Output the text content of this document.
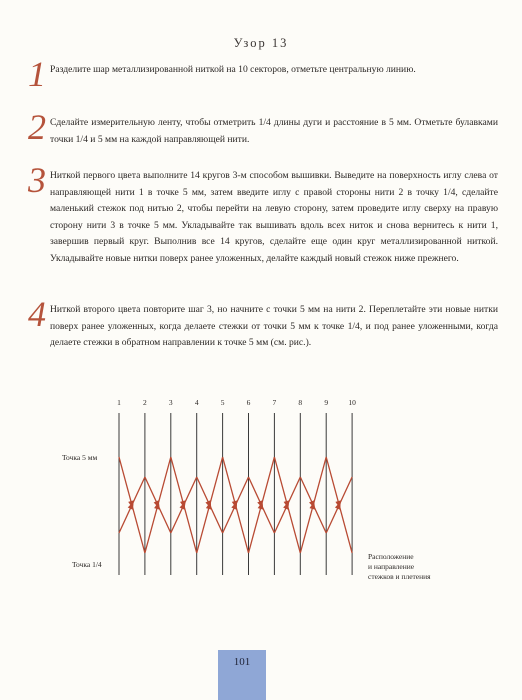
Узор 13
1 Разделите шар металлизированной ниткой на 10 секторов, отметьте центральную линию.

2 Сделайте измерительную ленту, чтобы отметрить 1/4 длины дуги и расстояние в 5 мм. Отметьте булавками точки 1/4 и 5 мм на каждой направляющей нити.

3 Ниткой первого цвета выполните 14 кругов 3-м способом вышивки. Выведите на поверхность иглу слева от направляющей нити 1 в точке 5 мм, затем введите иглу с правой стороны нити 2 в точку 1/4, сделайте маленький стежок под нитью 2, чтобы перейти на левую сторону, затем проведите иглу сверху на правую сторону нити 3 в точке 5 мм. Укладывайте так вышивать вдоль всех ниток и снова вернитесь к нити 1, завершив первый круг. Выполнив все 14 кругов, сделайте еще один круг металлизированной ниткой. Укладывайте новые нитки поверх ранее уложенных, делайте каждый новый стежок ниже прежнего.

4 Ниткой второго цвета повторите шаг 3, но начните с точки 5 мм на нити 2. Переплетайте эти новые нитки поверх ранее уложенных, когда делаете стежки от точки 5 мм к точке 1/4, и под ранее уложенными, когда делаете стежки в обратном направлении к точке 5 мм (см. рис.).

1	2	3	4	5	6	7	8	9	10
Точка 5 мм
Точка 1/4
Расположение
и направление
стежков и плетения
101
